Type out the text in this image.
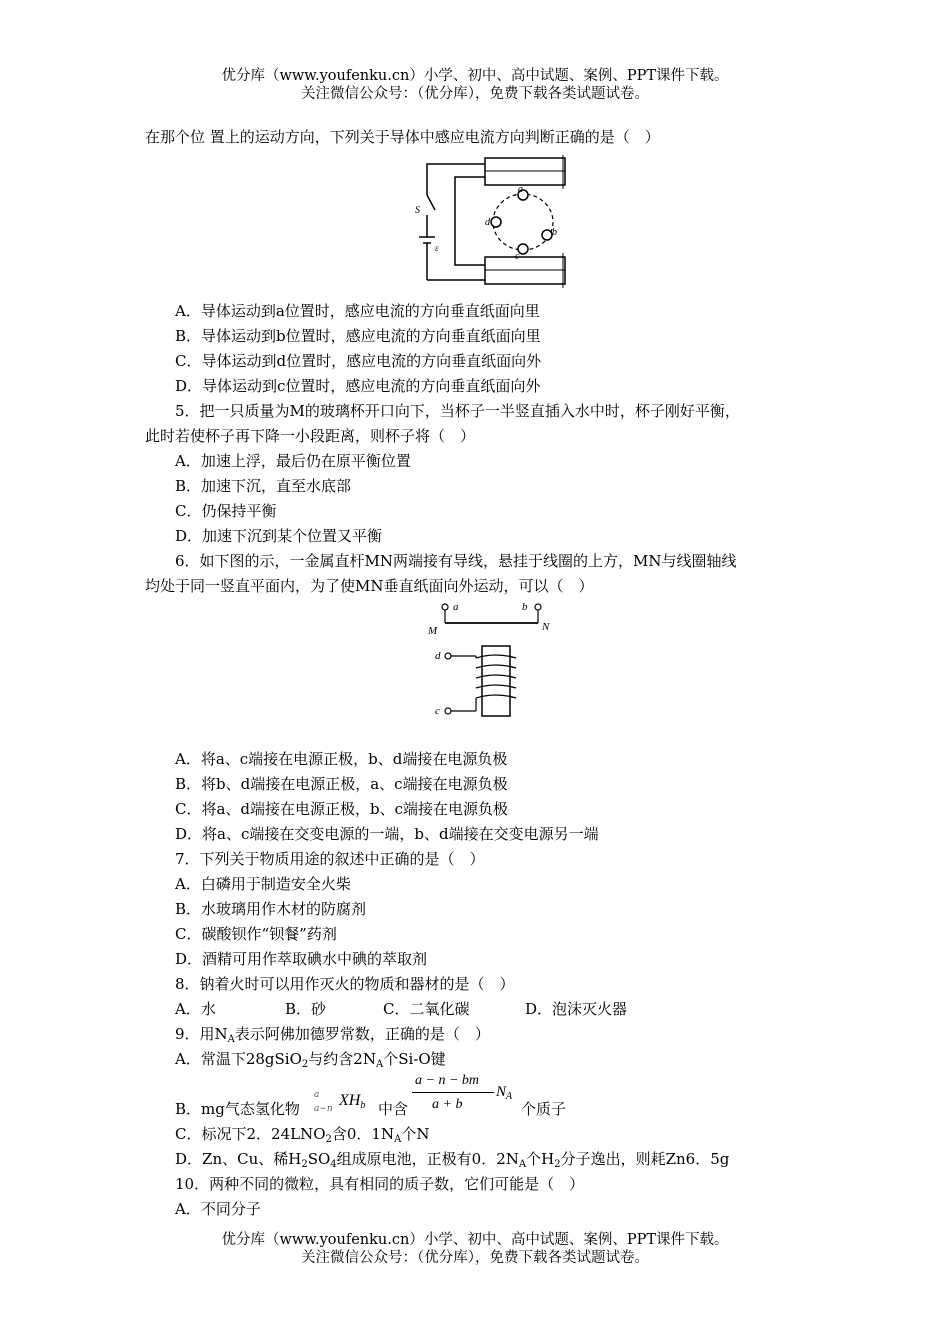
优分库（www.youfenku.cn）小学、初中、高中试题、案例、PPT课件下载。
关注微信公众号：（优分库），免费下载各类试题试卷。
在那个位 置上的运动方向，下列关于导体中感应电流方向判断正确的是（　）
a
b
c
d
S
ε
A．导体运动到a位置时，感应电流的方向垂直纸面向里
B．导体运动到b位置时，感应电流的方向垂直纸面向里
C．导体运动到d位置时，感应电流的方向垂直纸面向外
D．导体运动到c位置时，感应电流的方向垂直纸面向外
5．把一只质量为M的玻璃杯开口向下，当杯子一半竖直插入水中时，杯子刚好平衡，
此时若使杯子再下降一小段距离，则杯子将（　）
A．加速上浮，最后仍在原平衡位置
B．加速下沉，直至水底部
C．仍保持平衡
D．加速下沉到某个位置又平衡
6．如下图的示，一金属直杆MN两端接有导线，悬挂于线圈的上方，MN与线圈轴线
均处于同一竖直平面内，为了使MN垂直纸面向外运动，可以（　）
a	b
M	N
d
c
A．将a、c端接在电源正极，b、d端接在电源负极
B．将b、d端接在电源正极，a、c端接在电源负极
C．将a、d端接在电源正极，b、c端接在电源负极
D．将a、c端接在交变电源的一端，b、d端接在交变电源另一端
7．下列关于物质用途的叙述中正确的是（　）
A．白磷用于制造安全火柴
B．水玻璃用作木材的防腐剂
C．碳酸钡作“钡餐”药剂
D．酒精可用作萃取碘水中碘的萃取剂
8．钠着火时可以用作灭火的物质和器材的是（　）
A．水	B．砂	C．二氧化碳	D．泡沫灭火器
9．用$N_A$表示阿佛加德罗常数，正确的是（　）
A．常温下28gSiO$_2$与约含$2N_A$个Si-O键
B．mg气态氢化物
a
a−n $XH_b$ 中含
a − n − bm
a + b
$N_A$
个质子
C．标况下2．$24LNO_2$含0．$1N_A$个N
D．Zn、Cu、稀$H_2SO_4$组成原电池，正极有0．$2N_A$个$H_2$分子逸出，则耗Zn6．5g
10．两种不同的微粒，具有相同的质子数，它们可能是（　）
A．不同分子
优分库（www.youfenku.cn）小学、初中、高中试题、案例、PPT课件下载。
关注微信公众号：（优分库），免费下载各类试题试卷。
